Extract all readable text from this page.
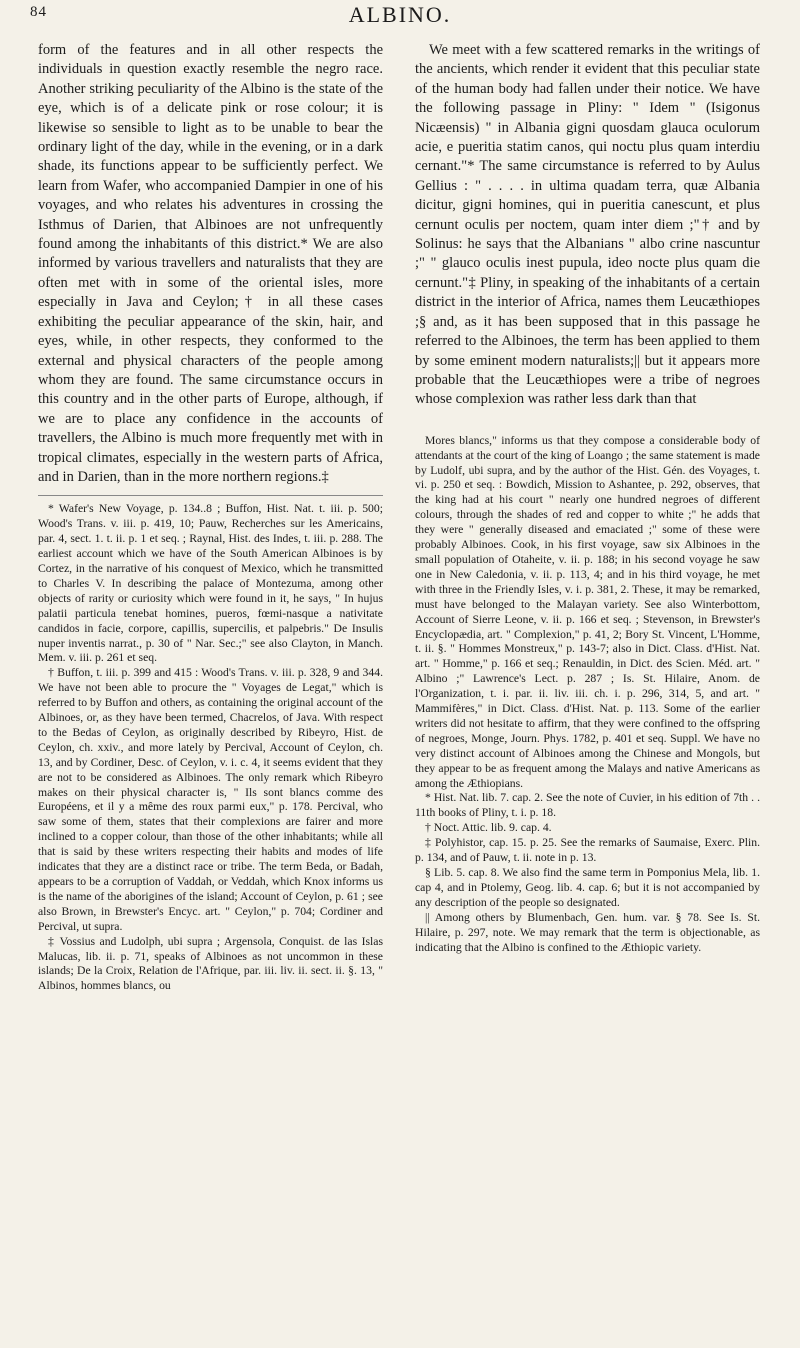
84	ALBINO.

form of the features and in all other respects the individuals in question exactly resemble the negro race. Another striking peculiarity of the Albino is the state of the eye, which is of a delicate pink or rose colour; it is likewise so sensible to light as to be unable to bear the ordinary light of the day, while in the evening, or in a dark shade, its functions appear to be sufficiently perfect. We learn from Wafer, who accompanied Dampier in one of his voyages, and who relates his adventures in crossing the Isthmus of Darien, that Albinoes are not unfrequently found among the inhabitants of this district.* We are also informed by various travellers and naturalists that they are often met with in some of the oriental isles, more especially in Java and Ceylon;† in all these cases exhibiting the peculiar appearance of the skin, hair, and eyes, while, in other respects, they conformed to the external and physical characters of the people among whom they are found. The same circumstance occurs in this country and in the other parts of Europe, although, if we are to place any confidence in the accounts of travellers, the Albino is much more frequently met with in tropical climates, especially in the western parts of Africa, and in Darien, than in the more northern regions.‡

* Wafer's New Voyage, p. 134..8 ; Buffon, Hist. Nat. t. iii. p. 500; Wood's Trans. v. iii. p. 419, 10; Pauw, Recherches sur les Americains, par. 4, sect. 1. t. ii. p. 1 et seq. ; Raynal, Hist. des Indes, t. iii. p. 288. The earliest account which we have of the South American Albinoes is by Cortez, in the narrative of his conquest of Mexico, which he transmitted to Charles V. In describing the palace of Montezuma, among other objects of rarity or curiosity which were found in it, he says, " In hujus palatii particula tenebat homines, pueros, fœmi-nasque a nativitate candidos in facie, corpore, capillis, supercilis, et palpebris." De Insulis nuper inventis narrat., p. 30 of " Nar. Sec.;" see also Clayton, in Manch. Mem. v. iii. p. 261 et seq.

† Buffon, t. iii. p. 399 and 415 : Wood's Trans. v. iii. p. 328, 9 and 344. We have not been able to procure the " Voyages de Legat," which is referred to by Buffon and others, as containing the original account of the Albinoes, or, as they have been termed, Chacrelos, of Java. With respect to the Bedas of Ceylon, as originally described by Ribeyro, Hist. de Ceylon, ch. xxiv., and more lately by Percival, Account of Ceylon, ch. 13, and by Cordiner, Desc. of Ceylon, v. i. c. 4, it seems evident that they are not to be considered as Albinoes. The only remark which Ribeyro makes on their physical character is, " Ils sont blancs comme des Européens, et il y a même des roux parmi eux," p. 178. Percival, who saw some of them, states that their complexions are fairer and more inclined to a copper colour, than those of the other inhabitants; while all that is said by these writers respecting their habits and modes of life indicates that they are a distinct race or tribe. The term Beda, or Badah, appears to be a corruption of Vaddah, or Veddah, which Knox informs us is the name of the aborigines of the island; Account of Ceylon, p. 61 ; see also Brown, in Brewster's Encyc. art. " Ceylon," p. 704; Cordiner and Percival, ut supra.

‡ Vossius and Ludolph, ubi supra ; Argensola, Conquist. de las Islas Malucas, lib. ii. p. 71, speaks of Albinoes as not uncommon in these islands; De la Croix, Relation de l'Afrique, par. iii. liv. ii. sect. ii. §. 13, " Albinos, hommes blancs, ou

We meet with a few scattered remarks in the writings of the ancients, which render it evident that this peculiar state of the human body had fallen under their notice. We have the following passage in Pliny: " Idem " (Isigonus Nicæensis) " in Albania gigni quosdam glauca oculorum acie, e pueritia statim canos, qui noctu plus quam interdiu cernant."* The same circumstance is referred to by Aulus Gellius : " . . . . in ultima quadam terra, quæ Albania dicitur, gigni homines, qui in pueritia canescunt, et plus cernunt oculis per noctem, quam inter diem ;"† and by Solinus: he says that the Albanians " albo crine nascuntur ;" " glauco oculis inest pupula, ideo nocte plus quam die cernunt."‡ Pliny, in speaking of the inhabitants of a certain district in the interior of Africa, names them Leucæthiopes ;§ and, as it has been supposed that in this passage he referred to the Albinoes, the term has been applied to them by some eminent modern naturalists;|| but it appears more probable that the Leucæthiopes were a tribe of negroes whose complexion was rather less dark than that

Mores blancs," informs us that they compose a considerable body of attendants at the court of the king of Loango ; the same statement is made by Ludolf, ubi supra, and by the author of the Hist. Gén. des Voyages, t. vi. p. 250 et seq. : Bowdich, Mission to Ashantee, p. 292, observes, that the king had at his court " nearly one hundred negroes of different colours, through the shades of red and copper to white ;" he adds that they were " generally diseased and emaciated ;" some of these were probably Albinoes. Cook, in his first voyage, saw six Albinoes in the small population of Otaheite, v. ii. p. 188; in his second voyage he saw one in New Caledonia, v. ii. p. 113, 4; and in his third voyage, he met with three in the Friendly Isles, v. i. p. 381, 2. These, it may be remarked, must have belonged to the Malayan variety. See also Winterbottom, Account of Sierre Leone, v. ii. p. 166 et seq. ; Stevenson, in Brewster's Encyclopædia, art. " Complexion," p. 41, 2; Bory St. Vincent, L'Homme, t. ii. §. " Hommes Monstreux," p. 143-7; also in Dict. Class. d'Hist. Nat. art. " Homme," p. 166 et seq.; Renauldin, in Dict. des Scien. Méd. art. " Albino ;" Lawrence's Lect. p. 287 ; Is. St. Hilaire, Anom. de l'Organization, t. i. par. ii. liv. iii. ch. i. p. 296, 314, 5, and art. " Mammifères," in Dict. Class. d'Hist. Nat. p. 113. Some of the earlier writers did not hesitate to affirm, that they were confined to the offspring of negroes, Monge, Journ. Phys. 1782, p. 401 et seq. Suppl. We have no very distinct account of Albinoes among the Chinese and Mongols, but they appear to be as frequent among the Malays and native Americans as among the Æthiopians.

* Hist. Nat. lib. 7. cap. 2. See the note of Cuvier, in his edition of 7th . . 11th books of Pliny, t. i. p. 18.

† Noct. Attic. lib. 9. cap. 4.

‡ Polyhistor, cap. 15. p. 25. See the remarks of Saumaise, Exerc. Plin. p. 134, and of Pauw, t. ii. note in p. 13.

§ Lib. 5. cap. 8. We also find the same term in Pomponius Mela, lib. 1. cap 4, and in Ptolemy, Geog. lib. 4. cap. 6; but it is not accompanied by any description of the people so designated.

|| Among others by Blumenbach, Gen. hum. var. § 78. See Is. St. Hilaire, p. 297, note. We may remark that the term is objectionable, as indicating that the Albino is confined to the Æthiopic variety.
